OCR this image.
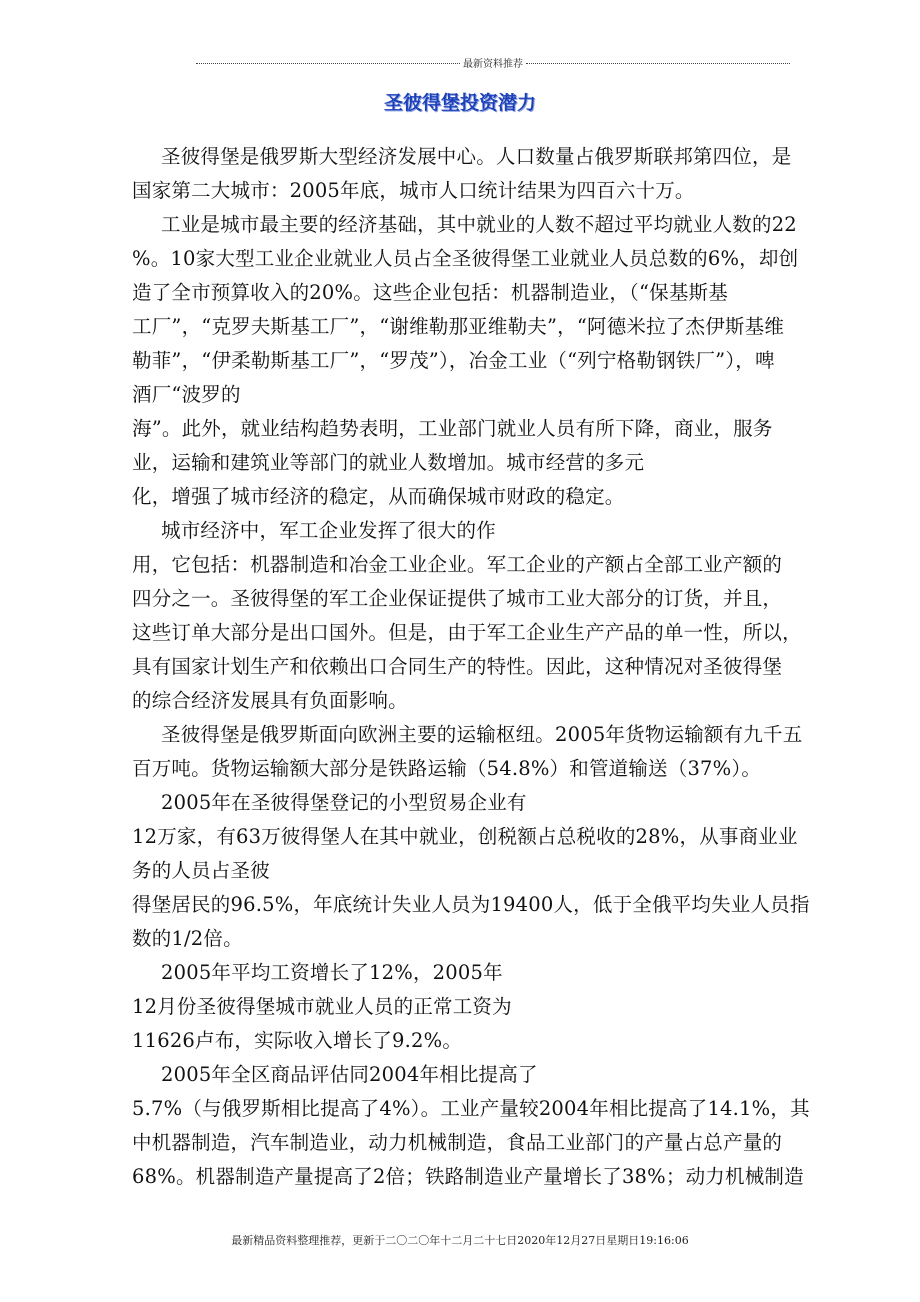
最新资料推荐
圣彼得堡投资潜力

圣彼得堡是俄罗斯大型经济发展中心。人口数量占俄罗斯联邦第四位，是

国家第二大城市：2005年底，城市人口统计结果为四百六十万。

工业是城市最主要的经济基础，其中就业的人数不超过平均就业人数的22

%。10家大型工业企业就业人员占全圣彼得堡工业就业人员总数的6%，却创

造了全市预算收入的20%。这些企业包括：机器制造业，（“保基斯基

工厂”，“克罗夫斯基工厂”，“谢维勒那亚维勒夫”，“阿德米拉了杰伊斯基维

勒菲”，“伊柔勒斯基工厂”，“罗茂”），冶金工业（“列宁格勒钢铁厂”），啤

酒厂“波罗的

海”。此外，就业结构趋势表明，工业部门就业人员有所下降，商业，服务

业，运输和建筑业等部门的就业人数增加。城市经营的多元

化，增强了城市经济的稳定，从而确保城市财政的稳定。

城市经济中，军工企业发挥了很大的作

用，它包括：机器制造和冶金工业企业。军工企业的产额占全部工业产额的

四分之一。圣彼得堡的军工企业保证提供了城市工业大部分的订货，并且，

这些订单大部分是出口国外。但是，由于军工企业生产产品的单一性，所以，

具有国家计划生产和依赖出口合同生产的特性。因此，这种情况对圣彼得堡

的综合经济发展具有负面影响。

圣彼得堡是俄罗斯面向欧洲主要的运输枢纽。2005年货物运输额有九千五

百万吨。货物运输额大部分是铁路运输（54.8%）和管道输送（37%）。

2005年在圣彼得堡登记的小型贸易企业有

12万家，有63万彼得堡人在其中就业，创税额占总税收的28%，从事商业业

务的人员占圣彼

得堡居民的96.5%，年底统计失业人员为19400人，低于全俄平均失业人员指

数的1/2倍。

2005年平均工资增长了12%，2005年

12月份圣彼得堡城市就业人员的正常工资为

11626卢布，实际收入增长了9.2%。

2005年全区商品评估同2004年相比提高了

5.7%（与俄罗斯相比提高了4%）。工业产量较2004年相比提高了14.1%，其

中机器制造，汽车制造业，动力机械制造，食品工业部门的产量占总产量的

68%。机器制造产量提高了2倍；铁路制造业产量增长了38%；动力机械制造

最新精品资料整理推荐，更新于二〇二〇年十二月二十七日2020年12月27日星期日19:16:06
